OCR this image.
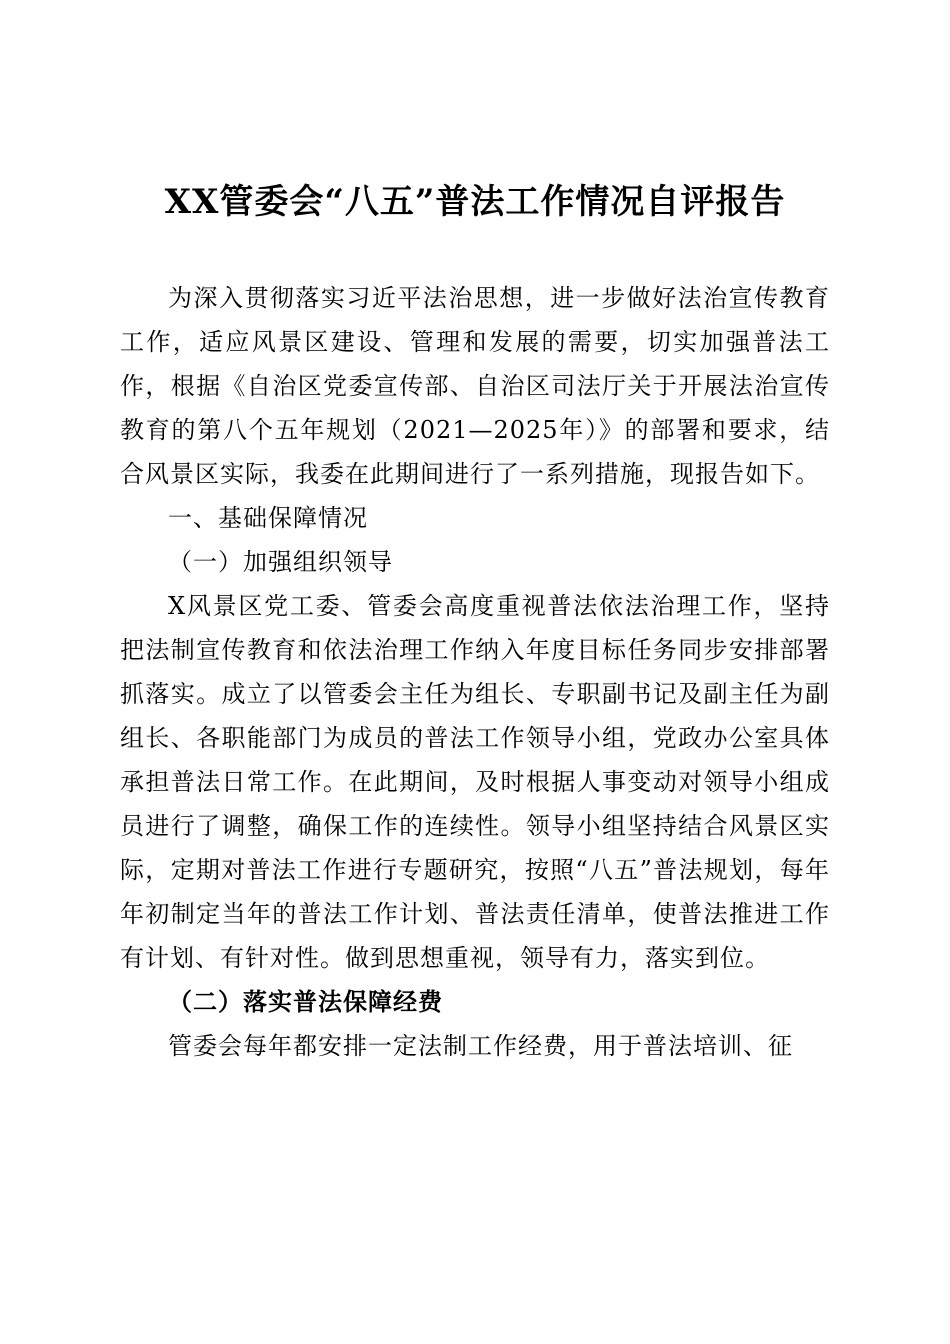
XX管委会“八五”普法工作情况自评报告

为深入贯彻落实习近平法治思想，进一步做好法治宣传教育工作，适应风景区建设、管理和发展的需要，切实加强普法工作，根据《自治区党委宣传部、自治区司法厅关于开展法治宣传教育的第八个五年规划（2021—2025年）》的部署和要求，结合风景区实际，我委在此期间进行了一系列措施，现报告如下。

一、基础保障情况

（一）加强组织领导

X风景区党工委、管委会高度重视普法依法治理工作，坚持把法制宣传教育和依法治理工作纳入年度目标任务同步安排部署抓落实。成立了以管委会主任为组长、专职副书记及副主任为副组长、各职能部门为成员的普法工作领导小组，党政办公室具体承担普法日常工作。在此期间，及时根据人事变动对领导小组成员进行了调整，确保工作的连续性。领导小组坚持结合风景区实际，定期对普法工作进行专题研究，按照“八五”普法规划，每年年初制定当年的普法工作计划、普法责任清单，使普法推进工作有计划、有针对性。做到思想重视，领导有力，落实到位。

（二）落实普法保障经费

管委会每年都安排一定法制工作经费，用于普法培训、征
